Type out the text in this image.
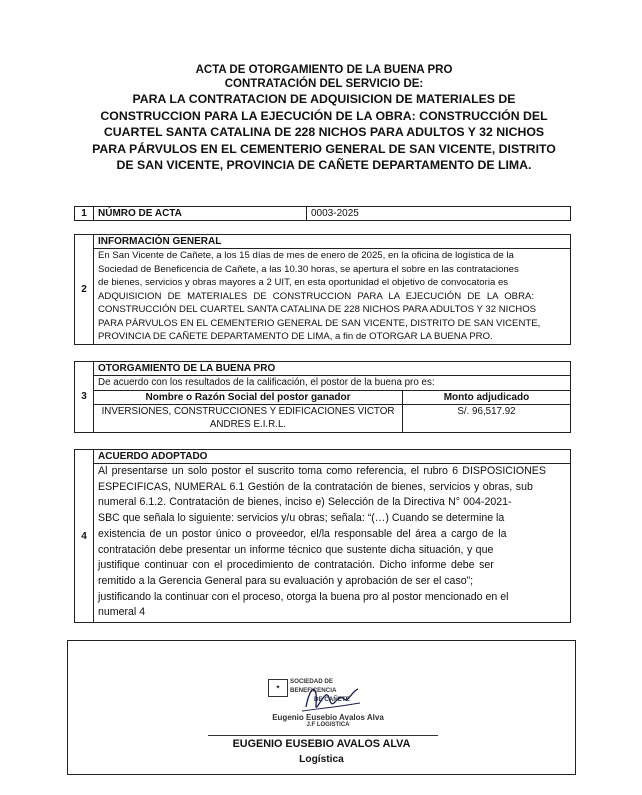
ACTA DE OTORGAMIENTO DE LA BUENA PRO
CONTRATACIÓN DEL SERVICIO DE:
PARA LA CONTRATACION DE ADQUISICION DE MATERIALES DE
CONSTRUCCION PARA LA EJECUCIÓN DE LA OBRA: CONSTRUCCIÓN DEL
CUARTEL SANTA CATALINA DE 228 NICHOS PARA ADULTOS Y 32 NICHOS
PARA PÁRVULOS EN EL CEMENTERIO GENERAL DE SAN VICENTE, DISTRITO
DE SAN VICENTE, PROVINCIA DE CAÑETE DEPARTAMENTO DE LIMA.
1	NÚMRO DE ACTA	0003-2025
2	INFORMACIÓN GENERAL

En San Vicente de Cañete, a los 15 días de mes de enero de 2025, en la oficina de logística de la
Sociedad de Beneficencia de Cañete, a las 10.30 horas, se apertura el sobre en las contrataciones
de bienes, servicios y obras mayores a 2 UIT, en esta oportunidad el objetivo de convocatoria es
ADQUISICION DE MATERIALES DE CONSTRUCCION PARA LA EJECUCIÓN DE LA OBRA:
CONSTRUCCIÓN DEL CUARTEL SANTA CATALINA DE 228 NICHOS PARA ADULTOS Y 32 NICHOS
PARA PÁRVULOS EN EL CEMENTERIO GENERAL DE SAN VICENTE, DISTRITO DE SAN VICENTE,
PROVINCIA DE CAÑETE DEPARTAMENTO DE LIMA, a fin de OTORGAR LA BUENA PRO.
3	OTORGAMIENTO DE LA BUENA PRO	
	De acuerdo con los resultados de la calificación, el postor de la buena pro es:	
	Nombre o Razón Social del postor ganador	Monto adjudicado

	INVERSIONES, CONSTRUCCIONES Y EDIFICACIONES VICTOR
ANDRES E.I.R.L.	S/. 96,517.92
4	ACUERDO ADOPTADO

Al presentarse un solo postor el suscrito toma como referencia, el rubro 6 DISPOSICIONES
ESPECIFICAS, NUMERAL 6.1 Gestión de la contratación de bienes, servicios y obras, sub
numeral 6.1.2. Contratación de bienes, inciso e) Selección de la Directiva N° 004-2021-
SBC que señala lo siguiente: servicios y/u obras; señala: “(…) Cuando se determine la
existencia de un postor único o proveedor, el/la responsable del área a cargo de la
contratación debe presentar un informe técnico que sustente dicha situación, y que
justifique continuar con el procedimiento de contratación. Dicho informe debe ser
remitido a la Gerencia General para su evaluación y aprobación de ser el caso”;
justificando la continuar con el proceso, otorga la buena pro al postor mencionado en el
numeral 4
✦
SOCIEDAD DE BENEFICENCIA
DE CAÑETE
Eugenio Eusebio Avalos Alva
J.F LOGISTICA
EUGENIO EUSEBIO AVALOS ALVA
Logística
